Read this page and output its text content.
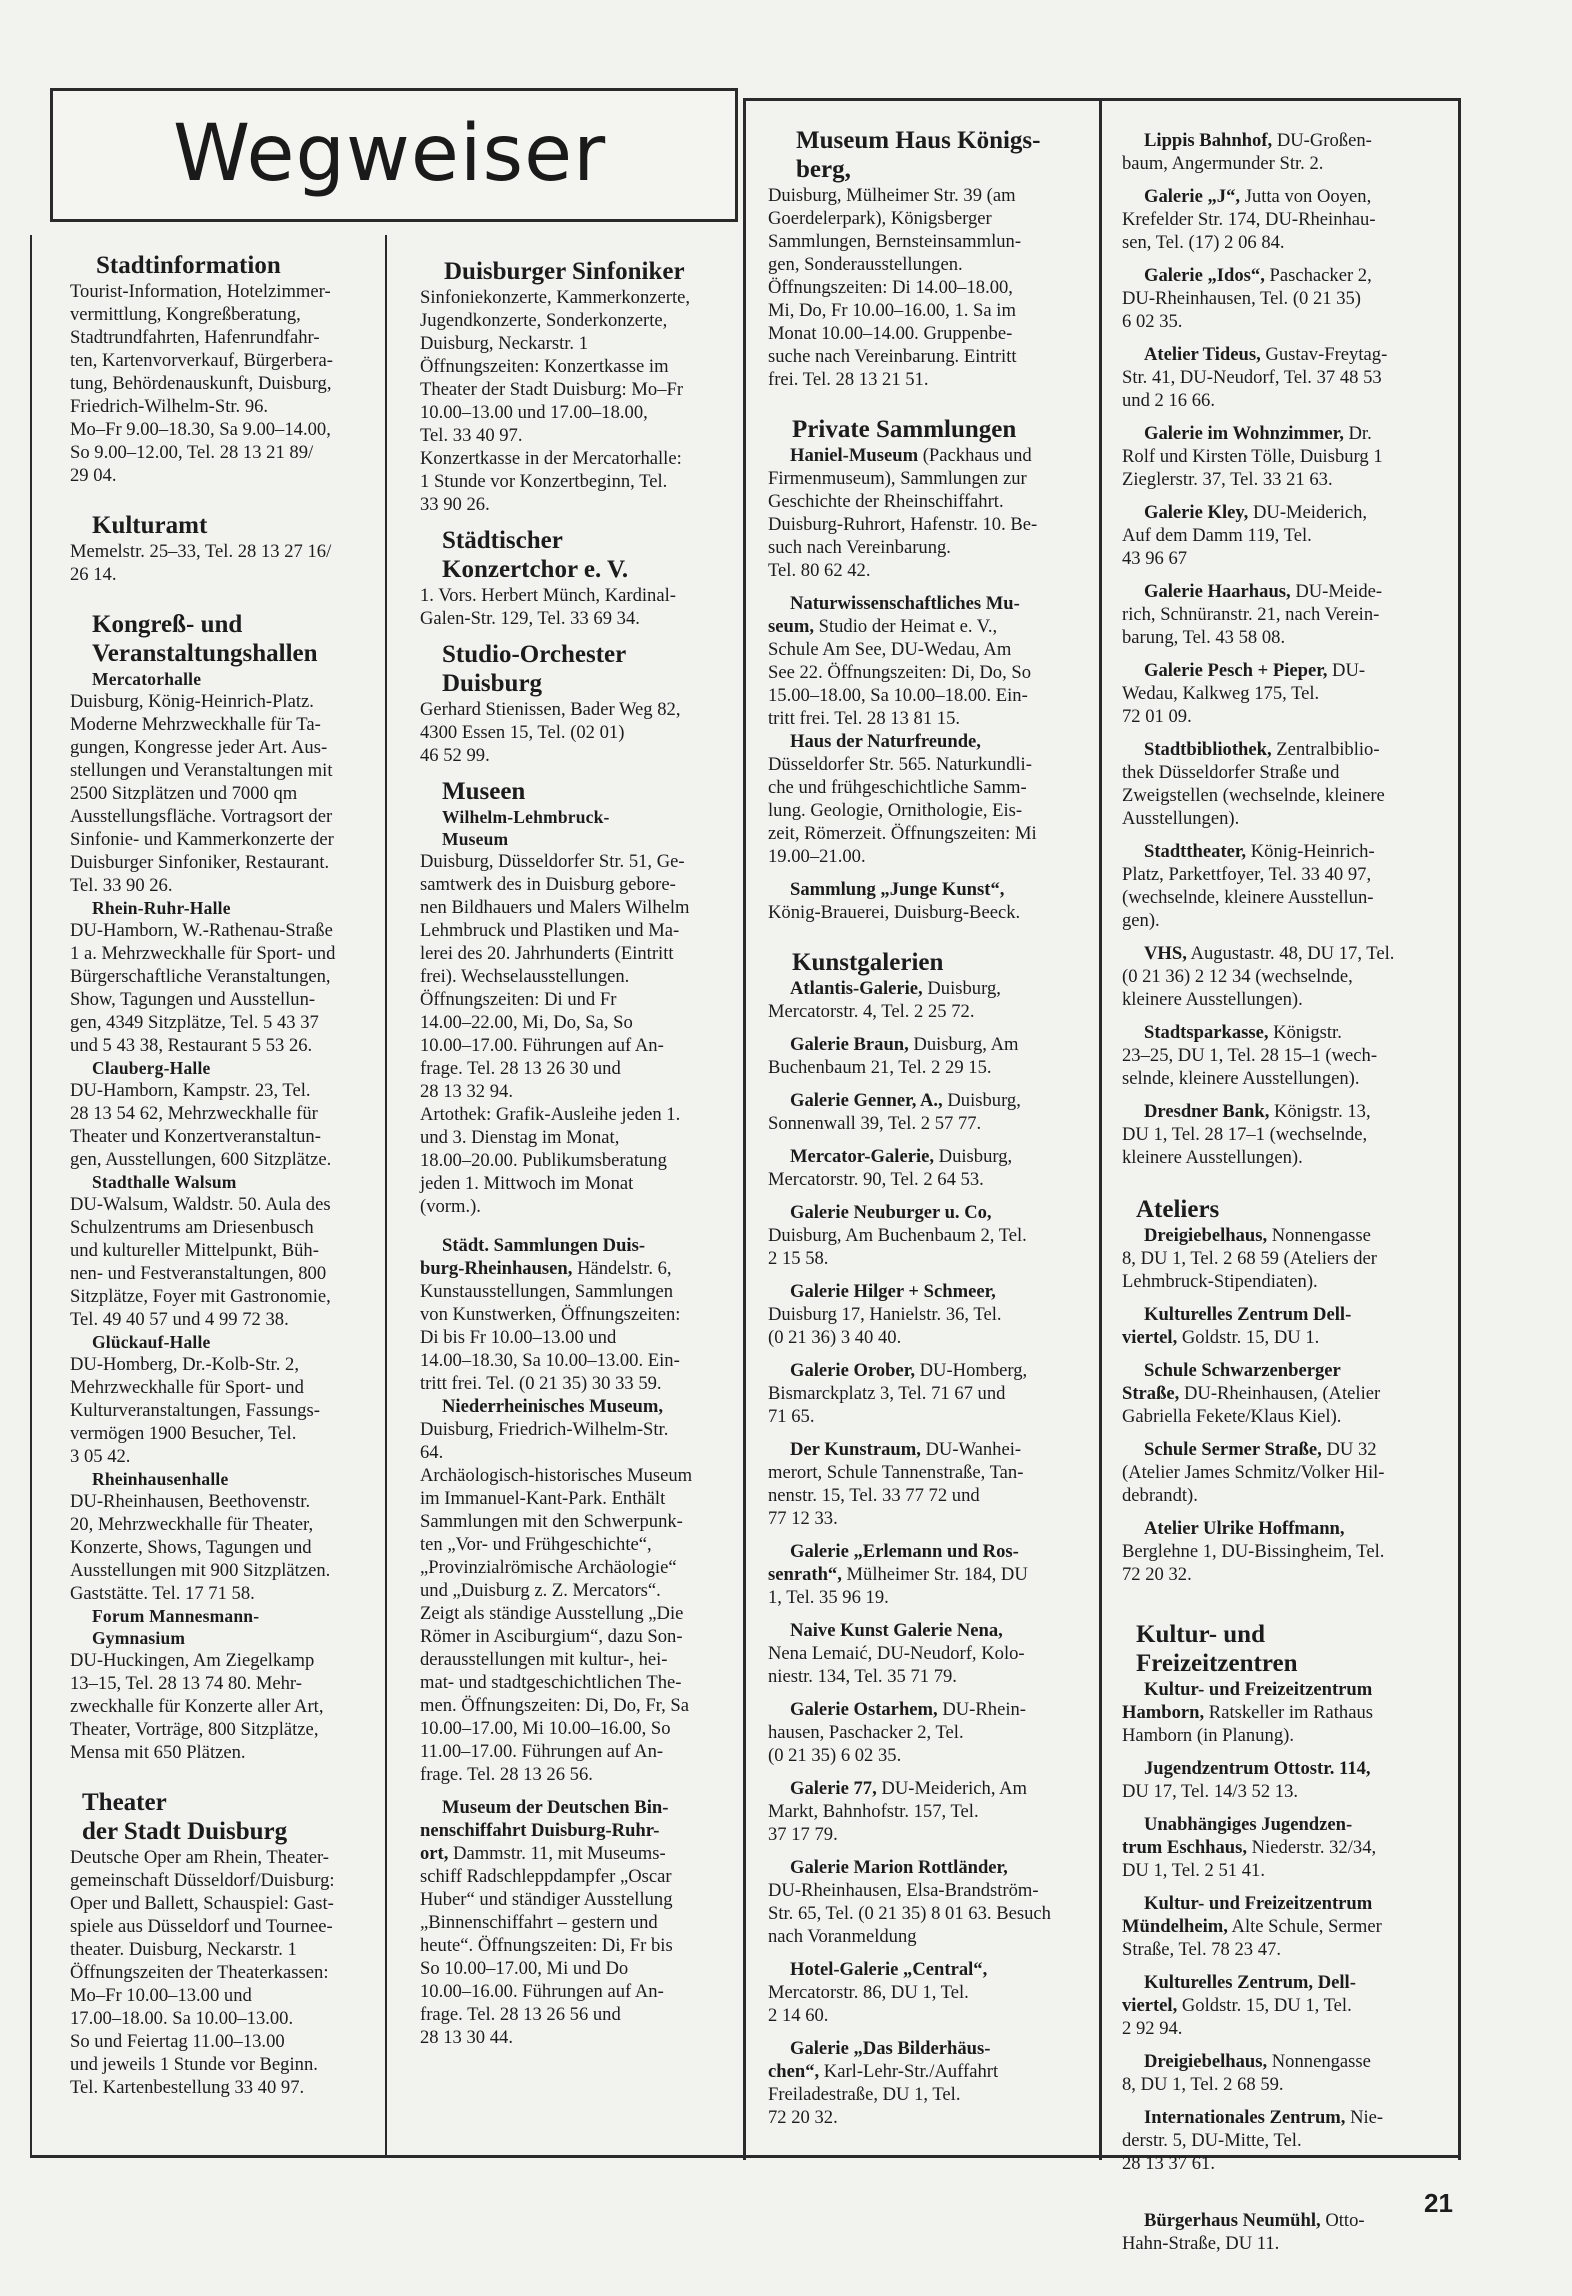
Wegweiser
Stadtinformation

Tourist-Information, Hotelzimmer-

vermittlung, Kongreßberatung,

Stadtrundfahrten, Hafenrundfahr-

ten, Kartenvorverkauf, Bürgerbera-

tung, Behördenauskunft, Duisburg,

Friedrich-Wilhelm-Str. 96.

Mo–Fr 9.00–18.30, Sa 9.00–14.00,

So 9.00–12.00, Tel. 28 13 21 89/

29 04.

Kulturamt

Memelstr. 25–33, Tel. 28 13 27 16/

26 14.

Kongreß- und
Veranstaltungshallen
Mercatorhalle

Duisburg, König-Heinrich-Platz.

Moderne Mehrzweckhalle für Ta-

gungen, Kongresse jeder Art. Aus-

stellungen und Veranstaltungen mit

2500 Sitzplätzen und 7000 qm

Ausstellungsfläche. Vortragsort der

Sinfonie- und Kammerkonzerte der

Duisburger Sinfoniker, Restaurant.

Tel. 33 90 26.

Rhein-Ruhr-Halle

DU-Hamborn, W.-Rathenau-Straße

1 a. Mehrzweckhalle für Sport- und

Bürgerschaftliche Veranstaltungen,

Show, Tagungen und Ausstellun-

gen, 4349 Sitzplätze, Tel. 5 43 37

und 5 43 38, Restaurant 5 53 26.

Clauberg-Halle

DU-Hamborn, Kampstr. 23, Tel.

28 13 54 62, Mehrzweckhalle für

Theater und Konzertveranstaltun-

gen, Ausstellungen, 600 Sitzplätze.

Stadthalle Walsum

DU-Walsum, Waldstr. 50. Aula des

Schulzentrums am Driesenbusch

und kultureller Mittelpunkt, Büh-

nen- und Festveranstaltungen, 800

Sitzplätze, Foyer mit Gastronomie,

Tel. 49 40 57 und 4 99 72 38.

Glückauf-Halle

DU-Homberg, Dr.-Kolb-Str. 2,

Mehrzweckhalle für Sport- und

Kulturveranstaltungen, Fassungs-

vermögen 1900 Besucher, Tel.

3 05 42.

Rheinhausenhalle

DU-Rheinhausen, Beethovenstr.

20, Mehrzweckhalle für Theater,

Konzerte, Shows, Tagungen und

Ausstellungen mit 900 Sitzplätzen.

Gaststätte. Tel. 17 71 58.

Forum Mannesmann-
Gymnasium

DU-Huckingen, Am Ziegelkamp

13–15, Tel. 28 13 74 80. Mehr-

zweckhalle für Konzerte aller Art,

Theater, Vorträge, 800 Sitzplätze,

Mensa mit 650 Plätzen.

Theater
der Stadt Duisburg

Deutsche Oper am Rhein, Theater-

gemeinschaft Düsseldorf/Duisburg:

Oper und Ballett, Schauspiel: Gast-

spiele aus Düsseldorf und Tournee-

theater. Duisburg, Neckarstr. 1

Öffnungszeiten der Theaterkassen:

Mo–Fr 10.00–13.00 und

17.00–18.00. Sa 10.00–13.00.

So und Feiertag 11.00–13.00

und jeweils 1 Stunde vor Beginn.

Tel. Kartenbestellung 33 40 97.

Duisburger Sinfoniker

Sinfoniekonzerte, Kammerkonzerte,

Jugendkonzerte, Sonderkonzerte,

Duisburg, Neckarstr. 1

Öffnungszeiten: Konzertkasse im

Theater der Stadt Duisburg: Mo–Fr

10.00–13.00 und 17.00–18.00,

Tel. 33 40 97.

Konzertkasse in der Mercatorhalle:

1 Stunde vor Konzertbeginn, Tel.

33 90 26.

Städtischer
Konzertchor e. V.

1. Vors. Herbert Münch, Kardinal-

Galen-Str. 129, Tel. 33 69 34.

Studio-Orchester
Duisburg

Gerhard Stienissen, Bader Weg 82,

4300 Essen 15, Tel. (02 01)

46 52 99.

Museen
Wilhelm-Lehmbruck-
Museum

Duisburg, Düsseldorfer Str. 51, Ge-

samtwerk des in Duisburg gebore-

nen Bildhauers und Malers Wilhelm

Lehmbruck und Plastiken und Ma-

lerei des 20. Jahrhunderts (Eintritt

frei). Wechselausstellungen.

Öffnungszeiten: Di und Fr

14.00–22.00, Mi, Do, Sa, So

10.00–17.00. Führungen auf An-

frage. Tel. 28 13 26 30 und

28 13 32 94.

Artothek: Grafik-Ausleihe jeden 1.

und 3. Dienstag im Monat,

18.00–20.00. Publikumsberatung

jeden 1. Mittwoch im Monat

(vorm.).

Städt. Sammlungen Duis-

burg-Rheinhausen, Händelstr. 6,

Kunstausstellungen, Sammlungen

von Kunstwerken, Öffnungszeiten:

Di bis Fr 10.00–13.00 und

14.00–18.30, Sa 10.00–13.00. Ein-

tritt frei. Tel. (0 21 35) 30 33 59.

Niederrheinisches Museum,

Duisburg, Friedrich-Wilhelm-Str.

64.

Archäologisch-historisches Museum

im Immanuel-Kant-Park. Enthält

Sammlungen mit den Schwerpunk-

ten „Vor- und Frühgeschichte“,

„Provinzialrömische Archäologie“

und „Duisburg z. Z. Mercators“.

Zeigt als ständige Ausstellung „Die

Römer in Asciburgium“, dazu Son-

derausstellungen mit kultur-, hei-

mat- und stadtgeschichtlichen The-

men. Öffnungszeiten: Di, Do, Fr, Sa

10.00–17.00, Mi 10.00–16.00, So

11.00–17.00. Führungen auf An-

frage. Tel. 28 13 26 56.

Museum der Deutschen Bin-

nenschiffahrt Duisburg-Ruhr-

ort, Dammstr. 11, mit Museums-

schiff Radschleppdampfer „Oscar

Huber“ und ständiger Ausstellung

„Binnenschiffahrt – gestern und

heute“. Öffnungszeiten: Di, Fr bis

So 10.00–17.00, Mi und Do

10.00–16.00. Führungen auf An-

frage. Tel. 28 13 26 56 und

28 13 30 44.

Museum Haus Königs-
berg,

Duisburg, Mülheimer Str. 39 (am

Goerdelerpark), Königsberger

Sammlungen, Bernsteinsammlun-

gen, Sonderausstellungen.

Öffnungszeiten: Di 14.00–18.00,

Mi, Do, Fr 10.00–16.00, 1. Sa im

Monat 10.00–14.00. Gruppenbe-

suche nach Vereinbarung. Eintritt

frei. Tel. 28 13 21 51.

Private Sammlungen

Haniel-Museum (Packhaus und

Firmenmuseum), Sammlungen zur

Geschichte der Rheinschiffahrt.

Duisburg-Ruhrort, Hafenstr. 10. Be-

such nach Vereinbarung.

Tel. 80 62 42.

Naturwissenschaftliches Mu-

seum, Studio der Heimat e. V.,

Schule Am See, DU-Wedau, Am

See 22. Öffnungszeiten: Di, Do, So

15.00–18.00, Sa 10.00–18.00. Ein-

tritt frei. Tel. 28 13 81 15.

Haus der Naturfreunde,

Düsseldorfer Str. 565. Naturkundli-

che und frühgeschichtliche Samm-

lung. Geologie, Ornithologie, Eis-

zeit, Römerzeit. Öffnungszeiten: Mi

19.00–21.00.

Sammlung „Junge Kunst“,

König-Brauerei, Duisburg-Beeck.

Kunstgalerien

Atlantis-Galerie, Duisburg,

Mercatorstr. 4, Tel. 2 25 72.

Galerie Braun, Duisburg, Am

Buchenbaum 21, Tel. 2 29 15.

Galerie Genner, A., Duisburg,

Sonnenwall 39, Tel. 2 57 77.

Mercator-Galerie, Duisburg,

Mercatorstr. 90, Tel. 2 64 53.

Galerie Neuburger u. Co,

Duisburg, Am Buchenbaum 2, Tel.

2 15 58.

Galerie Hilger + Schmeer,

Duisburg 17, Hanielstr. 36, Tel.

(0 21 36) 3 40 40.

Galerie Orober, DU-Homberg,

Bismarckplatz 3, Tel. 71 67 und

71 65.

Der Kunstraum, DU-Wanhei-

merort, Schule Tannenstraße, Tan-

nenstr. 15, Tel. 33 77 72 und

77 12 33.

Galerie „Erlemann und Ros-

senrath“, Mülheimer Str. 184, DU

1, Tel. 35 96 19.

Naive Kunst Galerie Nena,

Nena Lemaić, DU-Neudorf, Kolo-

niestr. 134, Tel. 35 71 79.

Galerie Ostarhem, DU-Rhein-

hausen, Paschacker 2, Tel.

(0 21 35) 6 02 35.

Galerie 77, DU-Meiderich, Am

Markt, Bahnhofstr. 157, Tel.

37 17 79.

Galerie Marion Rottländer,

DU-Rheinhausen, Elsa-Brandström-

Str. 65, Tel. (0 21 35) 8 01 63. Besuch

nach Voranmeldung

Hotel-Galerie „Central“,

Mercatorstr. 86, DU 1, Tel.

2 14 60.

Galerie „Das Bilderhäus-

chen“, Karl-Lehr-Str./Auffahrt

Freiladestraße, DU 1, Tel.

72 20 32.

Lippis Bahnhof, DU-Großen-

baum, Angermunder Str. 2.

Galerie „J“, Jutta von Ooyen,

Krefelder Str. 174, DU-Rheinhau-

sen, Tel. (17) 2 06 84.

Galerie „Idos“, Paschacker 2,

DU-Rheinhausen, Tel. (0 21 35)

6 02 35.

Atelier Tideus, Gustav-Freytag-

Str. 41, DU-Neudorf, Tel. 37 48 53

und 2 16 66.

Galerie im Wohnzimmer, Dr.

Rolf und Kirsten Tölle, Duisburg 1

Zieglerstr. 37, Tel. 33 21 63.

Galerie Kley, DU-Meiderich,

Auf dem Damm 119, Tel.

43 96 67

Galerie Haarhaus, DU-Meide-

rich, Schnüranstr. 21, nach Verein-

barung, Tel. 43 58 08.

Galerie Pesch + Pieper, DU-

Wedau, Kalkweg 175, Tel.

72 01 09.

Stadtbibliothek, Zentralbiblio-

thek Düsseldorfer Straße und

Zweigstellen (wechselnde, kleinere

Ausstellungen).

Stadttheater, König-Heinrich-

Platz, Parkettfoyer, Tel. 33 40 97,

(wechselnde, kleinere Ausstellun-

gen).

VHS, Augustastr. 48, DU 17, Tel.

(0 21 36) 2 12 34 (wechselnde,

kleinere Ausstellungen).

Stadtsparkasse, Königstr.

23–25, DU 1, Tel. 28 15–1 (wech-

selnde, kleinere Ausstellungen).

Dresdner Bank, Königstr. 13,

DU 1, Tel. 28 17–1 (wechselnde,

kleinere Ausstellungen).

Ateliers

Dreigiebelhaus, Nonnengasse

8, DU 1, Tel. 2 68 59 (Ateliers der

Lehmbruck-Stipendiaten).

Kulturelles Zentrum Dell-

viertel, Goldstr. 15, DU 1.

Schule Schwarzenberger

Straße, DU-Rheinhausen, (Atelier

Gabriella Fekete/Klaus Kiel).

Schule Sermer Straße, DU 32

(Atelier James Schmitz/Volker Hil-

debrandt).

Atelier Ulrike Hoffmann,

Berglehne 1, DU-Bissingheim, Tel.

72 20 32.

Kultur- und
Freizeitzentren

Kultur- und Freizeitzentrum

Hamborn, Ratskeller im Rathaus

Hamborn (in Planung).

Jugendzentrum Ottostr. 114,

DU 17, Tel. 14/3 52 13.

Unabhängiges Jugendzen-

trum Eschhaus, Niederstr. 32/34,

DU 1, Tel. 2 51 41.

Kultur- und Freizeitzentrum

Mündelheim, Alte Schule, Sermer

Straße, Tel. 78 23 47.

Kulturelles Zentrum, Dell-

viertel, Goldstr. 15, DU 1, Tel.

2 92 94.

Dreigiebelhaus, Nonnengasse

8, DU 1, Tel. 2 68 59.

Internationales Zentrum, Nie-

derstr. 5, DU-Mitte, Tel.

28 13 37 61.

Bürgerhaus Neumühl, Otto-

Hahn-Straße, DU 11.

21
